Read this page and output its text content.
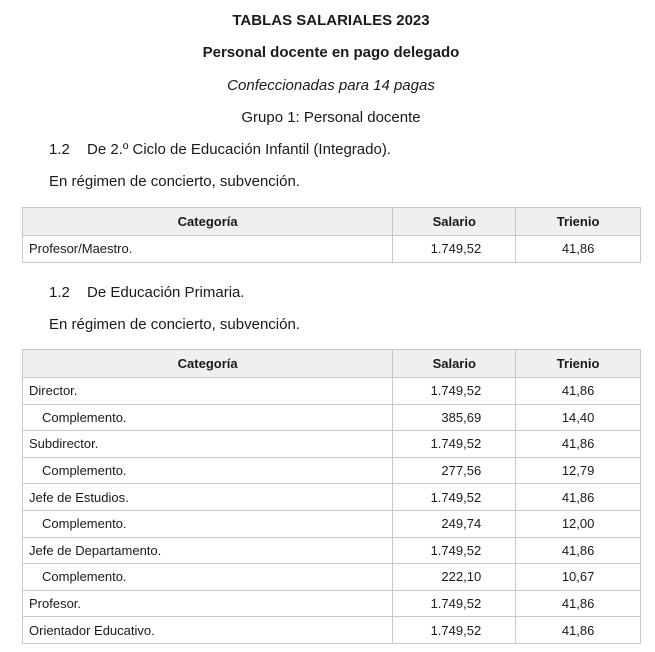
TABLAS SALARIALES 2023
Personal docente en pago delegado
Confeccionadas para 14 pagas
Grupo 1: Personal docente
1.2 De 2.º Ciclo de Educación Infantil (Integrado).
En régimen de concierto, subvención.
Categoría	Salario	Trienio
Profesor/Maestro.	1.749,52	41,86
1.2 De Educación Primaria.
En régimen de concierto, subvención.
Categoría	Salario	Trienio
Director.	1.749,52	41,86
Complemento.	385,69	14,40
Subdirector.	1.749,52	41,86
Complemento.	277,56	12,79
Jefe de Estudios.	1.749,52	41,86
Complemento.	249,74	12,00
Jefe de Departamento.	1.749,52	41,86
Complemento.	222,10	10,67
Profesor.	1.749,52	41,86
Orientador Educativo.	1.749,52	41,86
